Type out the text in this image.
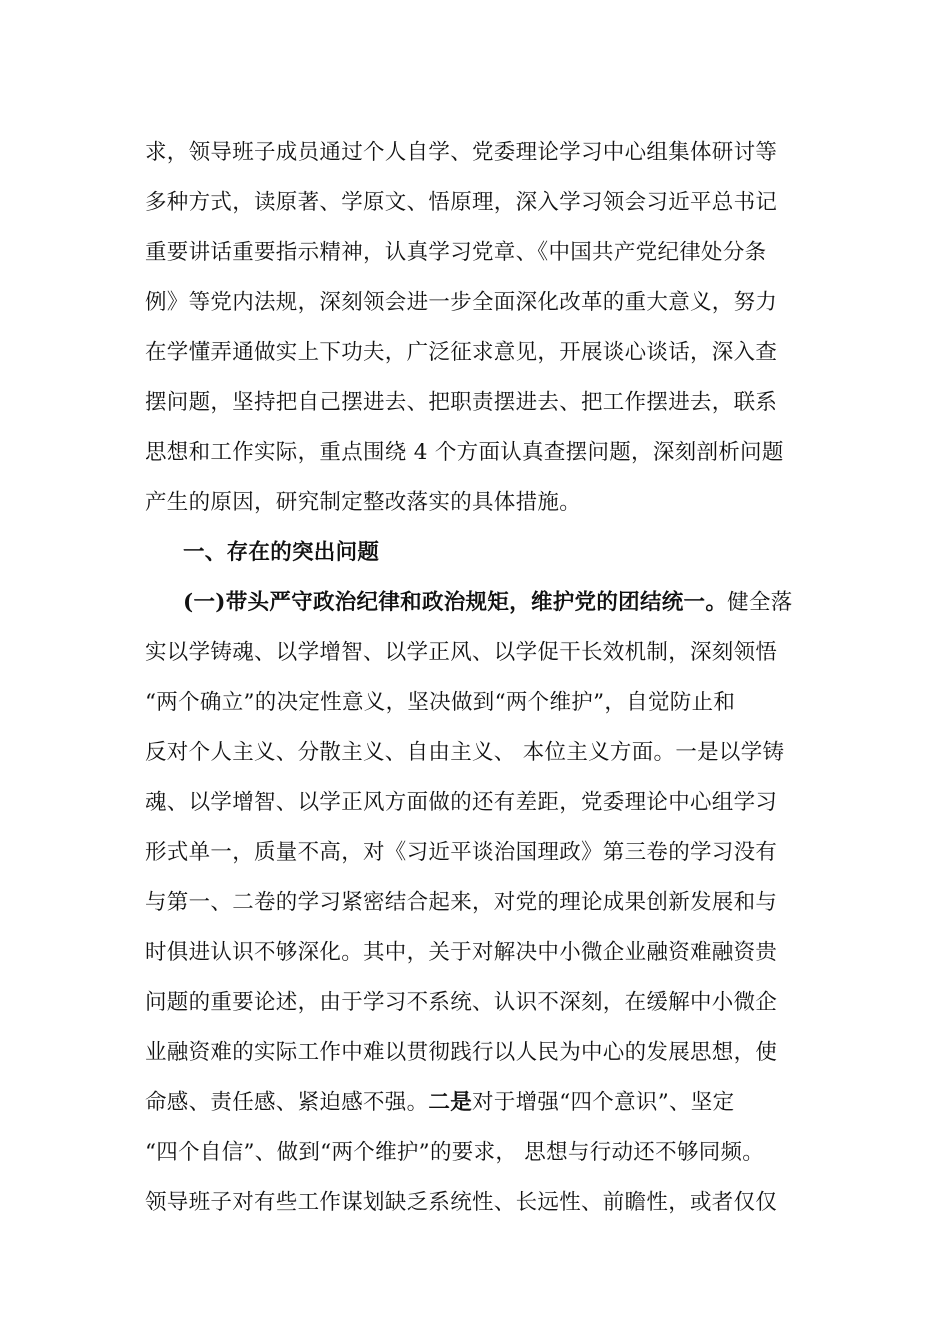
求，领导班子成员通过个人自学、党委理论学习中心组集体研讨等
多种方式，读原著、学原文、悟原理，深入学习领会习近平总书记
重要讲话重要指示精神，认真学习党章、《中国共产党纪律处分条
例》等党内法规，深刻领会进一步全面深化改革的重大意义，努力
在学懂弄通做实上下功夫，广泛征求意见，开展谈心谈话，深入查
摆问题，坚持把自己摆进去、把职责摆进去、把工作摆进去，联系
思想和工作实际，重点围绕 4 个方面认真查摆问题，深刻剖析问题
产生的原因，研究制定整改落实的具体措施。
一、存在的突出问题
(一)带头严守政治纪律和政治规矩，维护党的团结统一。健全落
实以学铸魂、以学增智、以学正风、以学促干长效机制，深刻领悟
“两个确立”的决定性意义，坚决做到“两个维护”，自觉防止和
反对个人主义、分散主义、自由主义、 本位主义方面。一是以学铸
魂、以学增智、以学正风方面做的还有差距，党委理论中心组学习
形式单一，质量不高，对《习近平谈治国理政》第三卷的学习没有
与第一、二卷的学习紧密结合起来，对党的理论成果创新发展和与
时俱进认识不够深化。其中，关于对解决中小微企业融资难融资贵
问题的重要论述，由于学习不系统、认识不深刻，在缓解中小微企
业融资难的实际工作中难以贯彻践行以人民为中心的发展思想，使
命感、责任感、紧迫感不强。二是对于增强“四个意识”、坚定
“四个自信”、做到“两个维护”的要求， 思想与行动还不够同频。
领导班子对有些工作谋划缺乏系统性、长远性、前瞻性，或者仅仅
